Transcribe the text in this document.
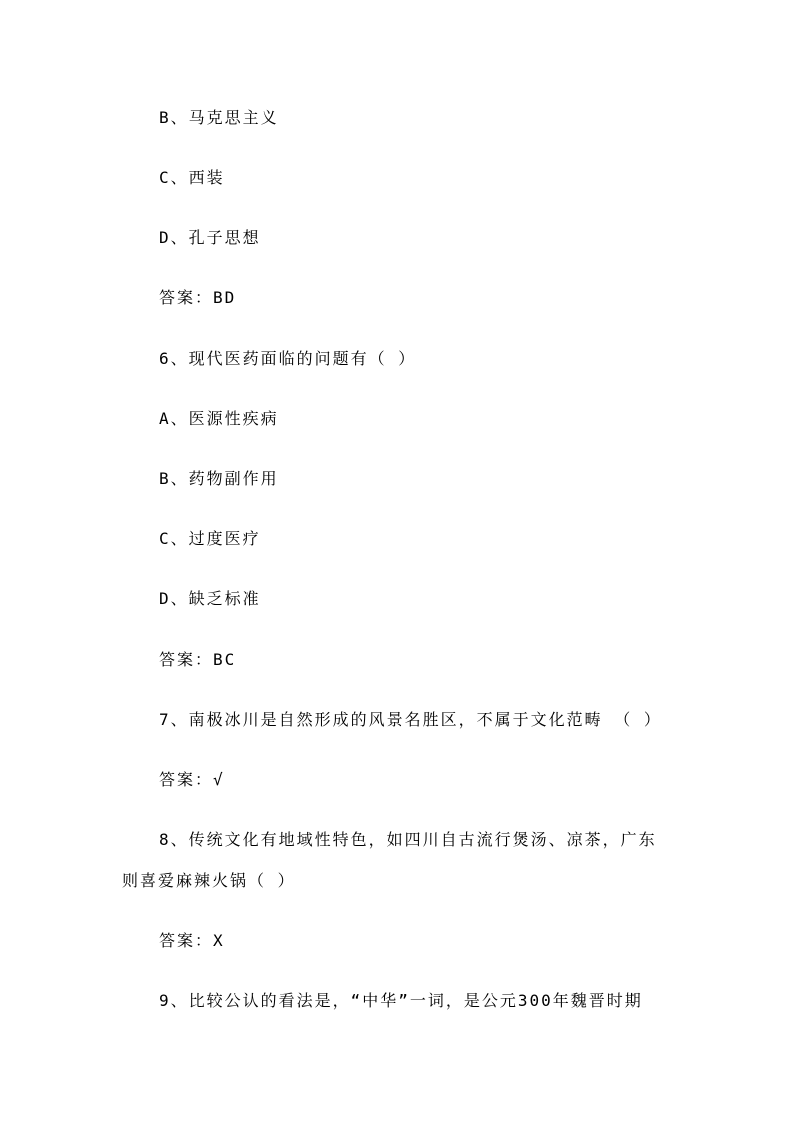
B、马克思主义
C、西装
D、孔子思想
答案：BD
6、现代医药面临的问题有（ ）
A、医源性疾病
B、药物副作用
C、过度医疗
D、缺乏标准
答案：BC
7、南极冰川是自然形成的风景名胜区，不属于文化范畴 （ ）
答案：√
8、传统文化有地域性特色，如四川自古流行煲汤、凉茶，广东
则喜爱麻辣火锅（ ）
答案：X
9、比较公认的看法是，“中华”一词，是公元300年魏晋时期
